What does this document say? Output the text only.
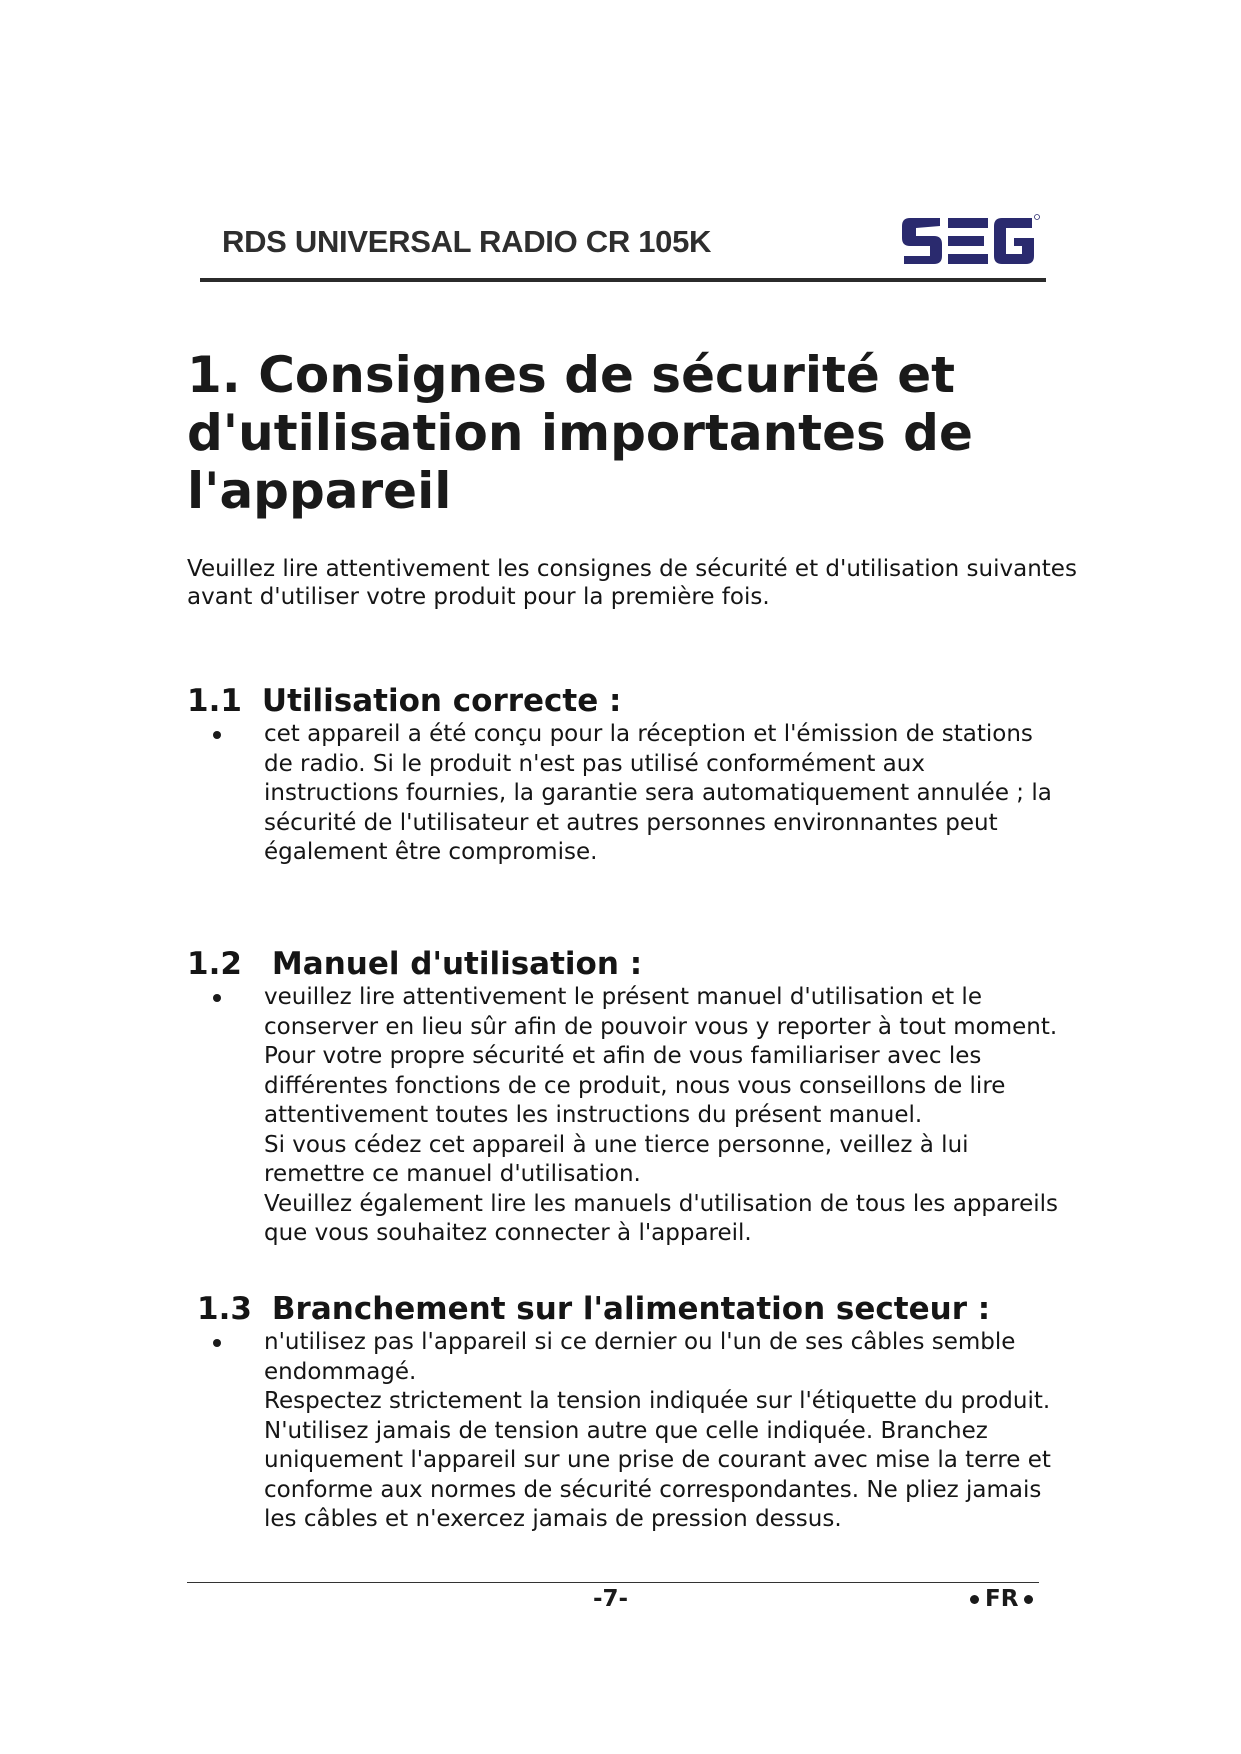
RDS UNIVERSAL RADIO CR 105K
1. Consignes de sécurité et d'utilisation importantes de l'appareil

Veuillez lire attentivement les consignes de sécurité et d'utilisation suivantes avant d'utiliser votre produit pour la première fois.

1.1 Utilisation correcte :

cet appareil a été conçu pour la réception et l'émission de stations de radio. Si le produit n'est pas utilisé conformément aux instructions fournies, la garantie sera automatiquement annulée ; la sécurité de l'utilisateur et autres personnes environnantes peut également être compromise.

1.2 Manuel d'utilisation :

veuillez lire attentivement le présent manuel d'utilisation et le conserver en lieu sûr afin de pouvoir vous y reporter à tout moment. Pour votre propre sécurité et afin de vous familiariser avec les différentes fonctions de ce produit, nous vous conseillons de lire attentivement toutes les instructions du présent manuel.

Si vous cédez cet appareil à une tierce personne, veillez à lui remettre ce manuel d'utilisation.

Veuillez également lire les manuels d'utilisation de tous les appareils que vous souhaitez connecter à l'appareil.

1.3 Branchement sur l'alimentation secteur :

n'utilisez pas l'appareil si ce dernier ou l'un de ses câbles semble endommagé.

Respectez strictement la tension indiquée sur l'étiquette du produit. N'utilisez jamais de tension autre que celle indiquée. Branchez uniquement l'appareil sur une prise de courant avec mise la terre et conforme aux normes de sécurité correspondantes. Ne pliez jamais les câbles et n'exercez jamais de pression dessus.

-7-	FR
